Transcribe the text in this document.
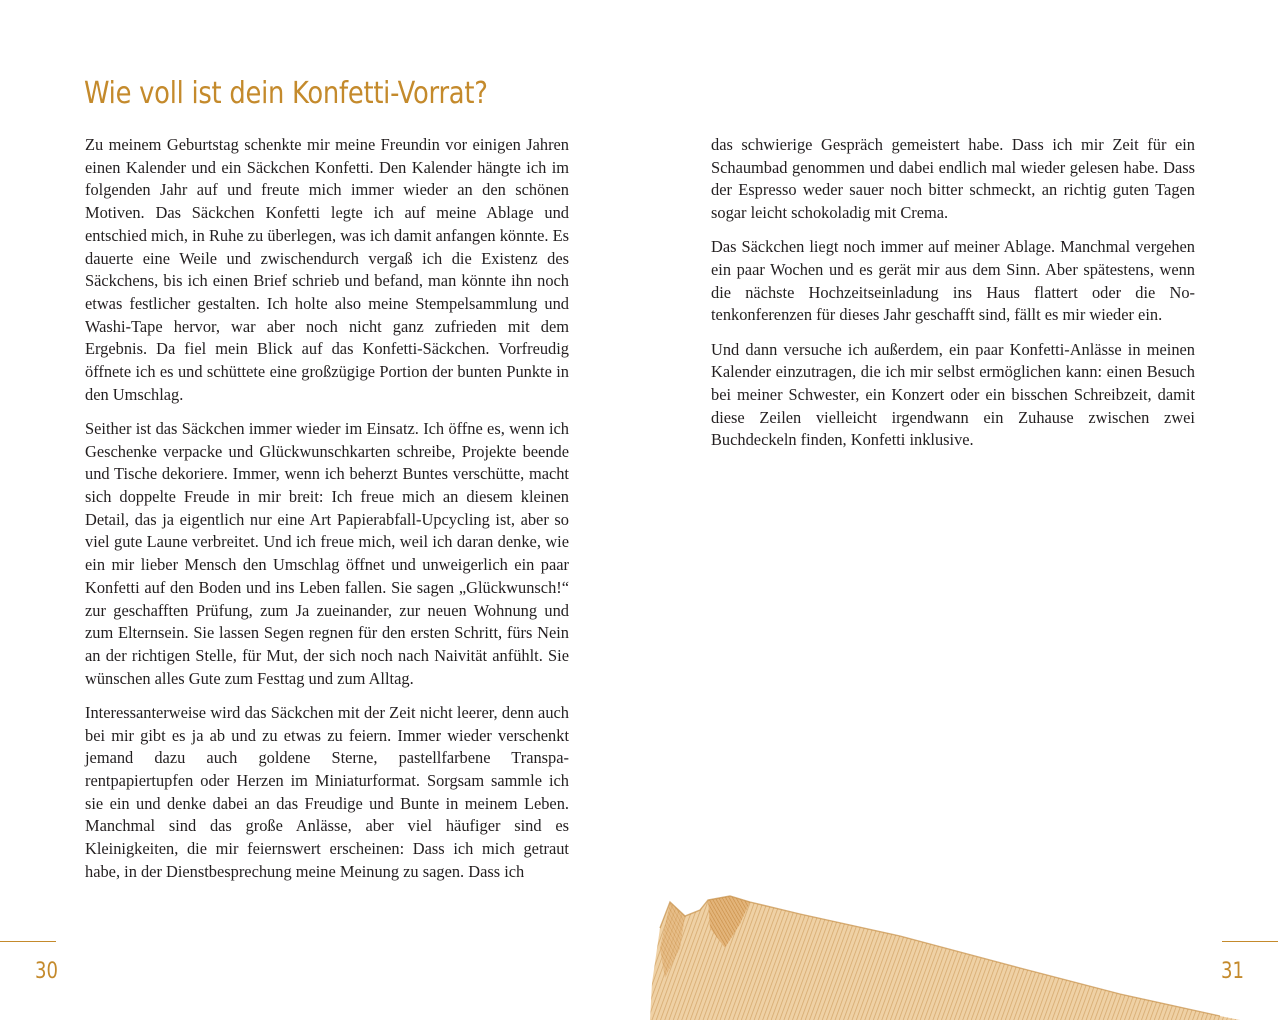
Wie voll ist dein Konfetti-Vorrat?

Zu meinem Geburtstag schenkte mir meine Freundin vor einigen Jahren einen Kalender und ein Säckchen Konfetti. Den Kalender hängte ich im folgenden Jahr auf und freute mich immer wieder an den schönen Motiven. Das Säckchen Konfetti legte ich auf meine Ablage und entschied mich, in Ruhe zu überlegen, was ich damit anfangen könnte. Es dauerte eine Weile und zwischendurch vergaß ich die Existenz des Säckchens, bis ich einen Brief schrieb und befand, man könnte ihn noch etwas festlicher gestalten. Ich holte also meine Stempelsammlung und Washi-Tape hervor, war aber noch nicht ganz zufrieden mit dem Ergebnis. Da fiel mein Blick auf das Konfetti-Säckchen. Vorfreudig öffnete ich es und schüttete eine großzügige Portion der bunten Punkte in den Umschlag.

Seither ist das Säckchen immer wieder im Einsatz. Ich öffne es, wenn ich Geschenke verpacke und Glückwunschkarten schreibe, Projekte beende und Tische dekoriere. Immer, wenn ich beherzt Buntes verschütte, macht sich doppelte Freude in mir breit: Ich freue mich an diesem kleinen Detail, das ja eigentlich nur eine Art Papierabfall-Upcycling ist, aber so viel gute Laune verbreitet. Und ich freue mich, weil ich daran denke, wie ein mir lieber Mensch den Umschlag öffnet und unweigerlich ein paar Konfetti auf den Boden und ins Leben fallen. Sie sagen „Glückwunsch!“ zur geschafften Prüfung, zum Ja zueinander, zur neuen Wohnung und zum Elternsein. Sie lassen Segen regnen für den ersten Schritt, fürs Nein an der richtigen Stelle, für Mut, der sich noch nach Naivität anfühlt. Sie wünschen alles Gute zum Festtag und zum Alltag.

Interessanterweise wird das Säckchen mit der Zeit nicht leerer, denn auch bei mir gibt es ja ab und zu etwas zu feiern. Immer wieder verschenkt jemand dazu auch goldene Sterne, pastellfarbene Transparentpapiertupfen oder Herzen im Miniaturformat. Sorgsam sammle ich sie ein und denke dabei an das Freudige und Bunte in meinem Leben. Manchmal sind das große Anlässe, aber viel häufiger sind es Kleinigkeiten, die mir feiernswert erscheinen: Dass ich mich getraut habe, in der Dienstbesprechung meine Meinung zu sagen. Dass ich

das schwierige Gespräch gemeistert habe. Dass ich mir Zeit für ein Schaumbad genommen und dabei endlich mal wieder gelesen habe. Dass der Espresso weder sauer noch bitter schmeckt, an richtig guten Tagen sogar leicht schokoladig mit Crema.

Das Säckchen liegt noch immer auf meiner Ablage. Manchmal vergehen ein paar Wochen und es gerät mir aus dem Sinn. Aber spätestens, wenn die nächste Hochzeitseinladung ins Haus flattert oder die Notenkonferenzen für dieses Jahr geschafft sind, fällt es mir wieder ein.

Und dann versuche ich außerdem, ein paar Konfetti-Anlässe in meinen Kalender einzutragen, die ich mir selbst ermöglichen kann: einen Besuch bei meiner Schwester, ein Konzert oder ein bisschen Schreibzeit, damit diese Zeilen vielleicht irgendwann ein Zuhause zwischen zwei Buchdeckeln finden, Konfetti inklusive.

30	31
